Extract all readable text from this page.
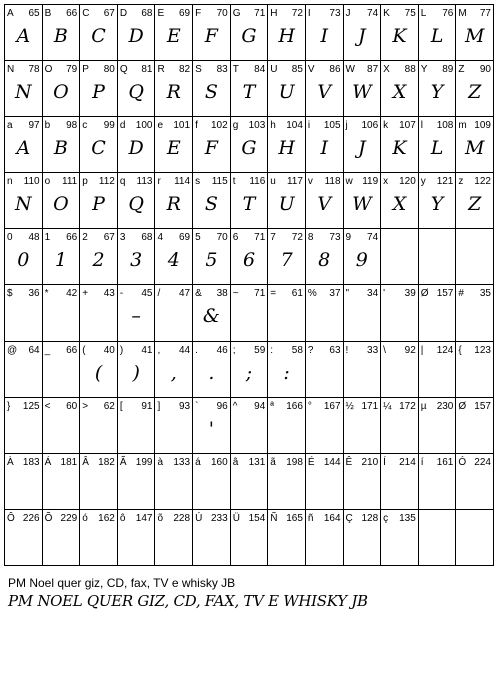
A 65
A
B 66
B
C 67
C
D 68
D
E 69
E
F 70
F
G 71
G
H 72
H
I 73
I
J 74
J
K 75
K
L 76
L
M 77
M
N 78
N
O 79
O
P 80
P
Q 81
Q
R 82
R
S 83
S
T 84
T
U 85
U
V 86
V
W 87
W
X 88
X
Y 89
Y
Z 90
Z
a 97
A
b 98
B
c 99
C
d 100
D
e 101
E
f 102
F
g 103
G
h 104
H
i 105
I
j 106
J
k 107
K
l 108
L
m 109
M
n 110
N
o 111
O
p 112
P
q 113
Q
r 114
R
s 115
S
t 116
T
u 117
U
v 118
V
w 119
W
x 120
X
y 121
Y
z 122
Z
0 48
0
1 66
1
2 67
2
3 68
3
4 69
4
5 70
5
6 71
6
7 72
7
8 73
8
9 74
9
$ 36 * 42 + 43 - 45
–
/ 47 & 38
&
~ 71 = 61 % 37 " 34 ' 39 Ø 157 # 35
@ 64 _ 66 ( 40
(
) 41
)
, 44
,
. 46
.
; 59
;
: 58
:
? 63 ! 33 \ 92 | 124 { 123
} 125 < 60 > 62 [ 91 ] 93 ` 96
'
^ 94 ª 166 ° 167 ½ 171 ¼ 172 µ 230 Ø 157
À 183 Á 181 Â 182 Ã 199 à 133 á 160 â 131 ã 198 É 144 Ê 210 Í 214 í 161 Ó 224
Ô 226 Õ 229 ó 162 ô 147 õ 228 Ú 233 Ü 154 Ñ 165 ñ 164 Ç 128 ç 135
PM Noel quer giz, CD, fax, TV e whisky JB
PM NOEL QUER GIZ, CD, FAX, TV E WHISKY JB
